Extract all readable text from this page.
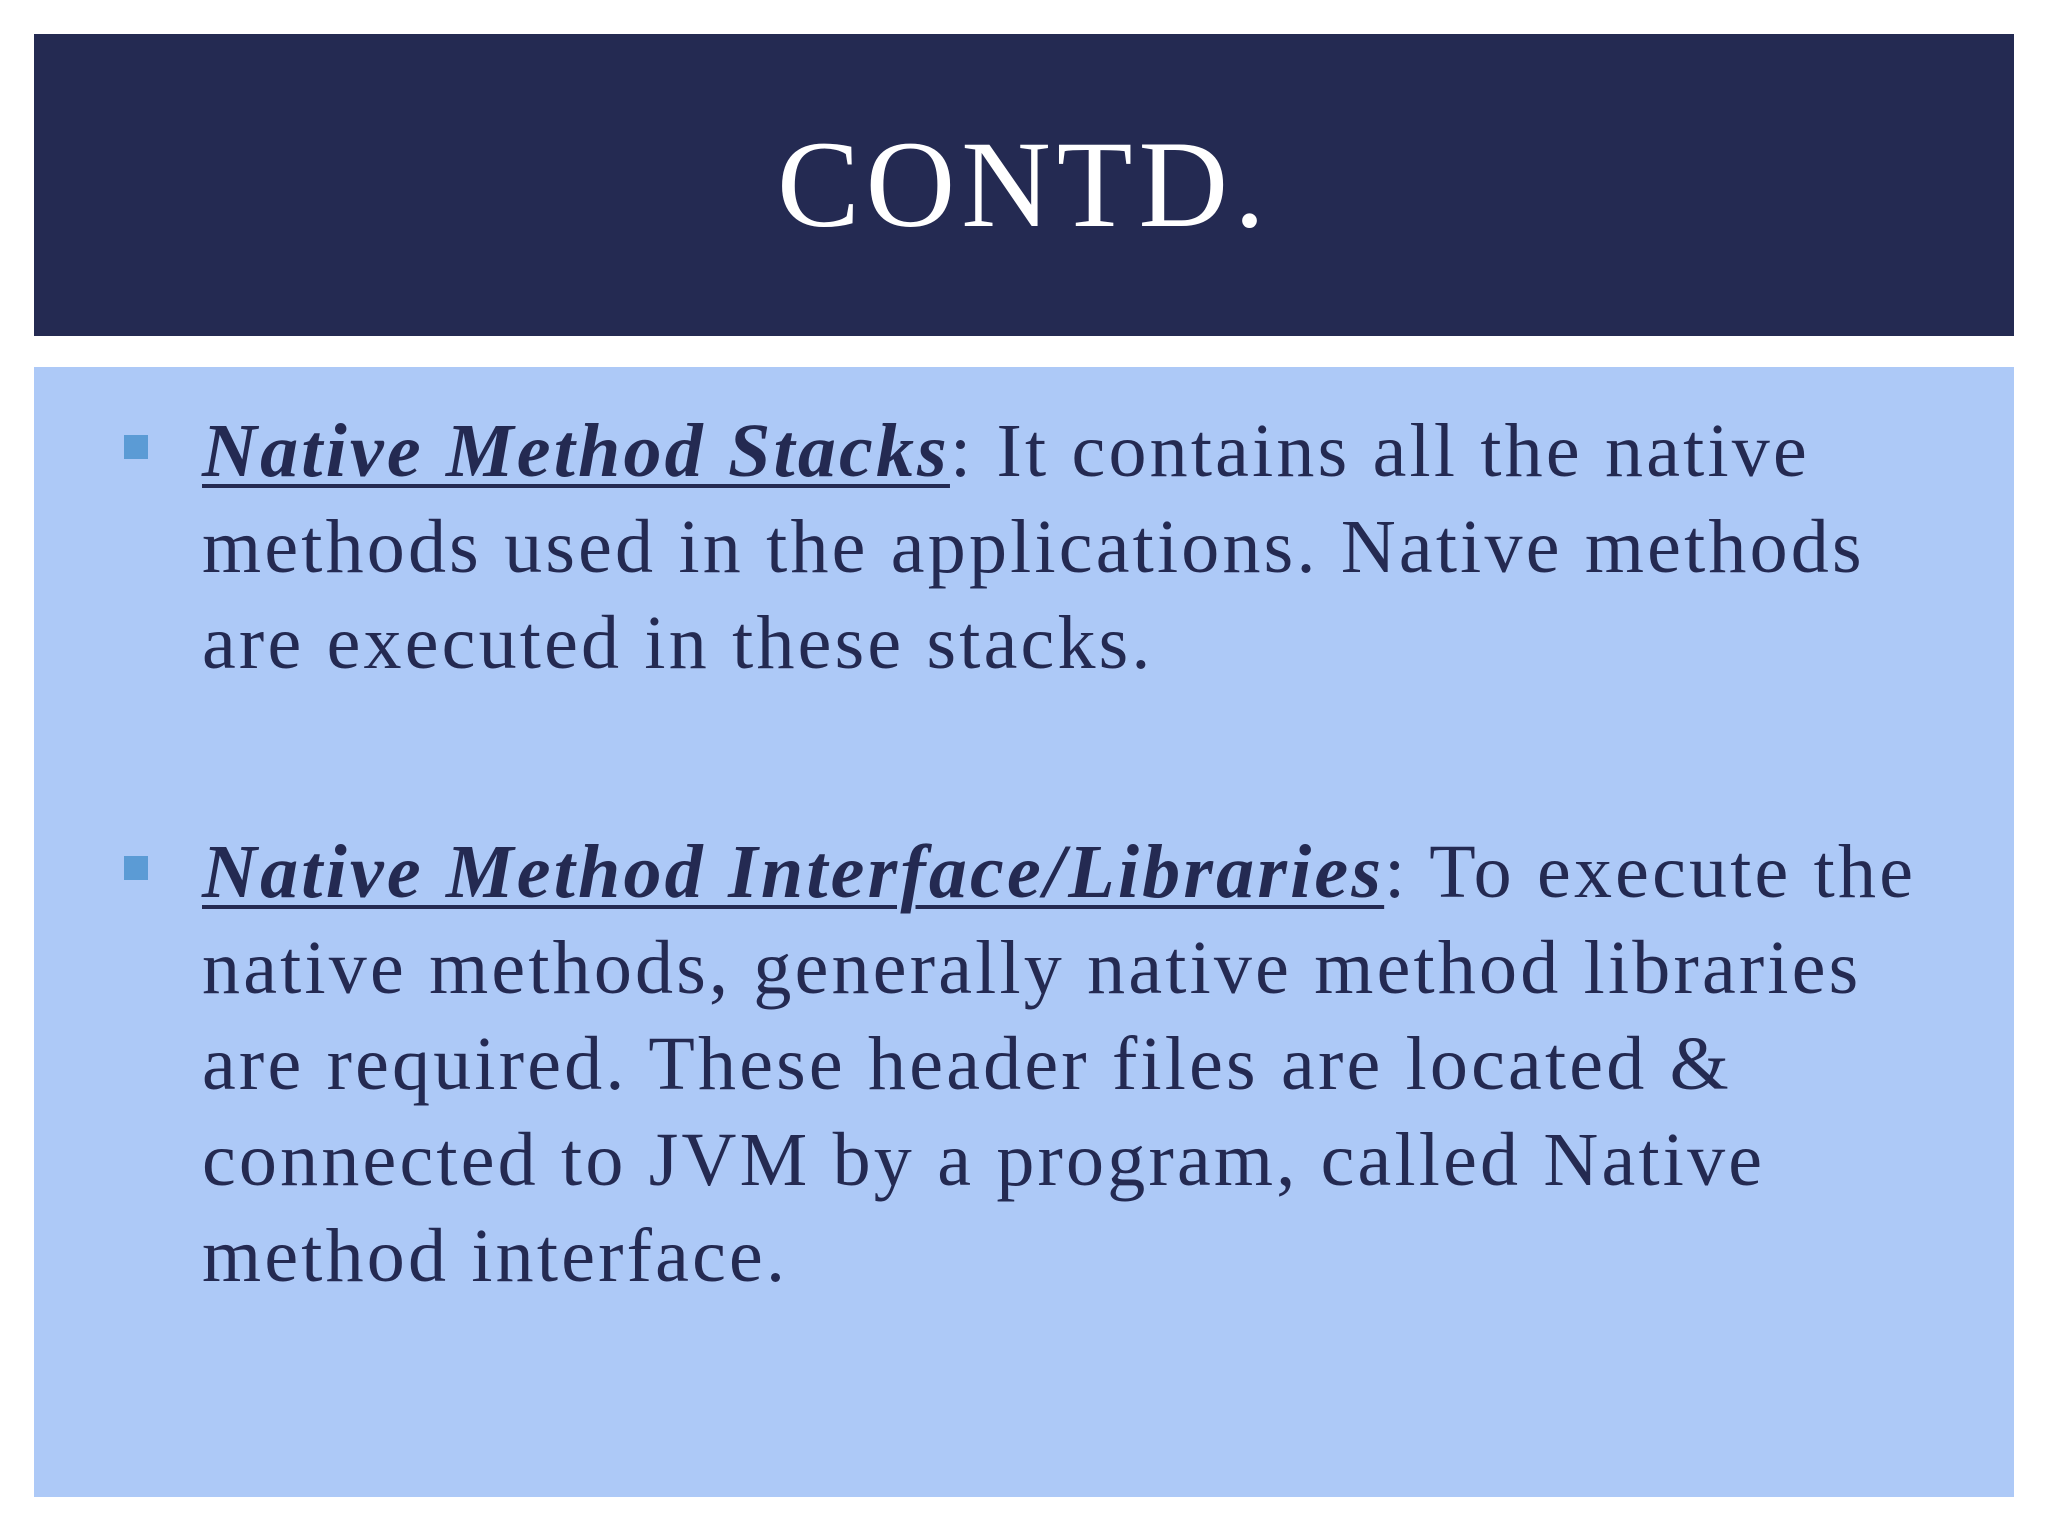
CONTD.
Native Method Stacks: It contains all the native methods used in the applications. Native methods are executed in these stacks.
Native Method Interface/Libraries: To execute the native methods, generally native method libraries are required. These header files are located & connected to JVM by a program, called Native method interface.
